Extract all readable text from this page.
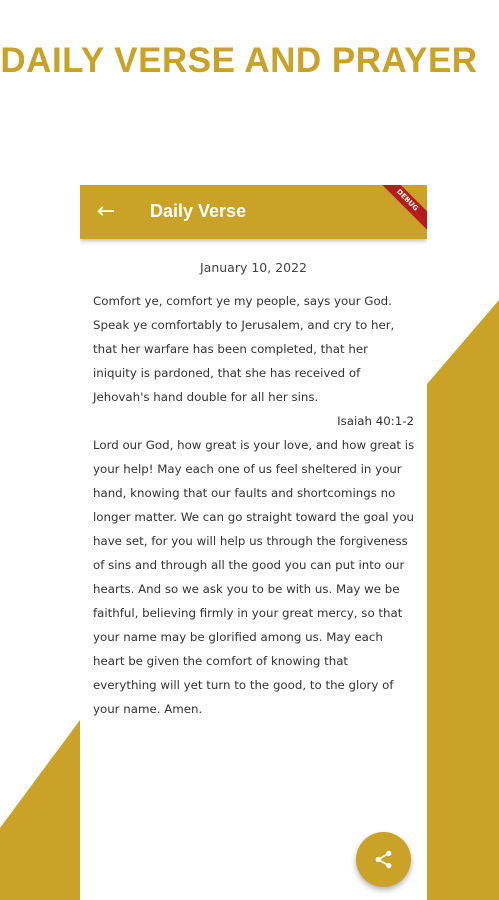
DAILY VERSE AND PRAYER
← Daily Verse	DEBUG
January 10, 2022

Comfort ye, comfort ye my people, says your God. Speak ye comfortably to Jerusalem, and cry to her, that her warfare has been completed, that her iniquity is pardoned, that she has received of Jehovah's hand double for all her sins.

Isaiah 40:1-2

Lord our God, how great is your love, and how great is your help! May each one of us feel sheltered in your hand, knowing that our faults and shortcomings no longer matter. We can go straight toward the goal you have set, for you will help us through the forgiveness of sins and through all the good you can put into our hearts. And so we ask you to be with us. May we be faithful, believing firmly in your great mercy, so that your name may be glorified among us. May each heart be given the comfort of knowing that everything will yet turn to the good, to the glory of your name. Amen.
